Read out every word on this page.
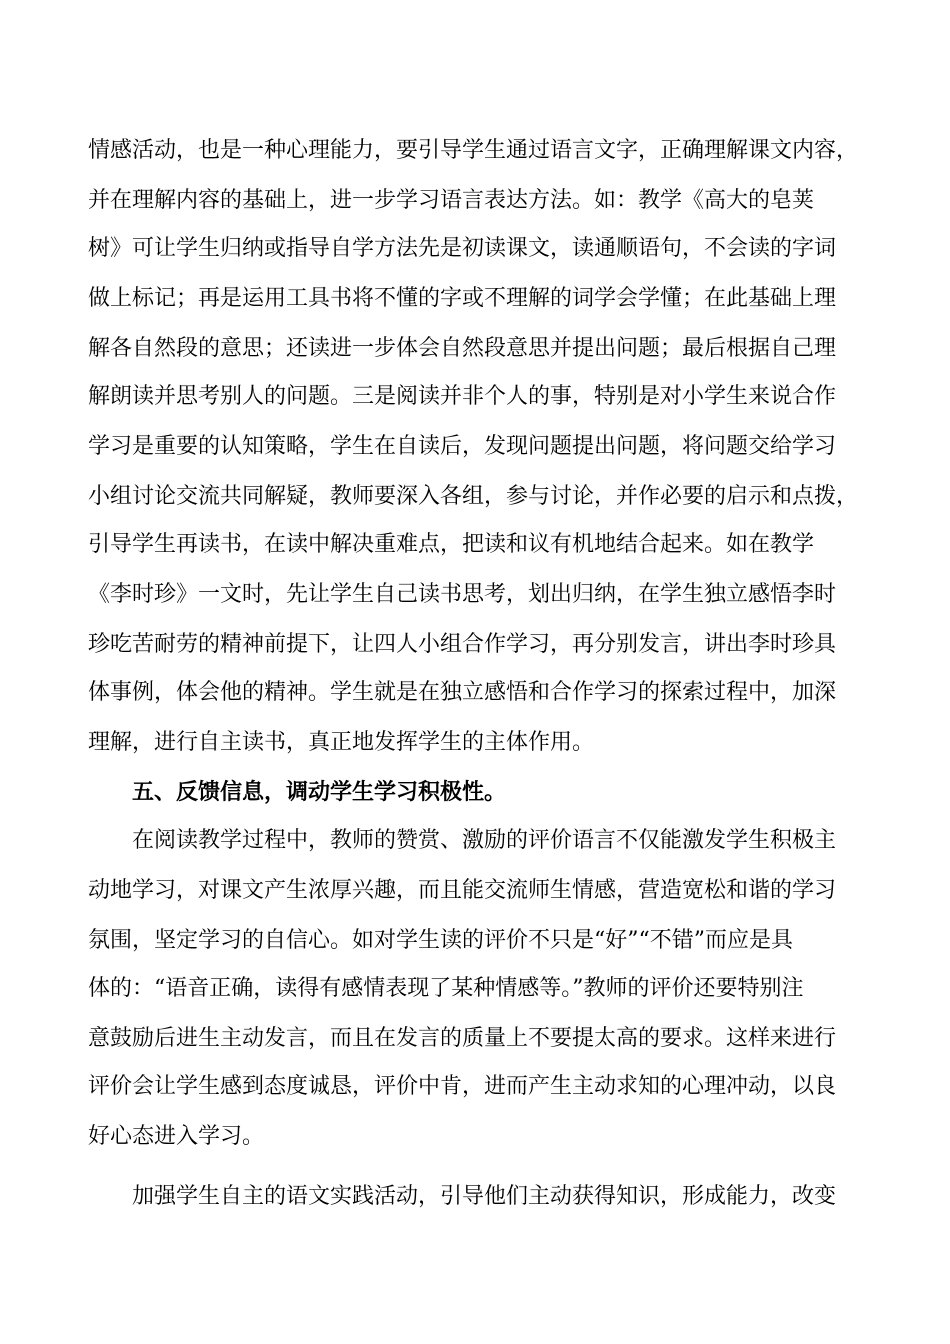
情感活动，也是一种心理能力，要引导学生通过语言文字，正确理解课文内容，
并在理解内容的基础上，进一步学习语言表达方法。如：教学《高大的皂荚
树》可让学生归纳或指导自学方法先是初读课文，读通顺语句，不会读的字词
做上标记；再是运用工具书将不懂的字或不理解的词学会学懂；在此基础上理
解各自然段的意思；还读进一步体会自然段意思并提出问题；最后根据自己理
解朗读并思考别人的问题。三是阅读并非个人的事，特别是对小学生来说合作
学习是重要的认知策略，学生在自读后，发现问题提出问题，将问题交给学习
小组讨论交流共同解疑，教师要深入各组，参与讨论，并作必要的启示和点拨，
引导学生再读书，在读中解决重难点，把读和议有机地结合起来。如在教学
《李时珍》一文时，先让学生自己读书思考，划出归纳，在学生独立感悟李时
珍吃苦耐劳的精神前提下，让四人小组合作学习，再分别发言，讲出李时珍具
体事例，体会他的精神。学生就是在独立感悟和合作学习的探索过程中，加深
理解，进行自主读书，真正地发挥学生的主体作用。
五、反馈信息，调动学生学习积极性。
在阅读教学过程中，教师的赞赏、激励的评价语言不仅能激发学生积极主
动地学习，对课文产生浓厚兴趣，而且能交流师生情感，营造宽松和谐的学习
氛围，坚定学习的自信心。如对学生读的评价不只是“好”“不错”而应是具
体的：“语音正确，读得有感情表现了某种情感等。”教师的评价还要特别注
意鼓励后进生主动发言，而且在发言的质量上不要提太高的要求。这样来进行
评价会让学生感到态度诚恳，评价中肯，进而产生主动求知的心理冲动，以良
好心态进入学习。
加强学生自主的语文实践活动，引导他们主动获得知识，形成能力，改变
